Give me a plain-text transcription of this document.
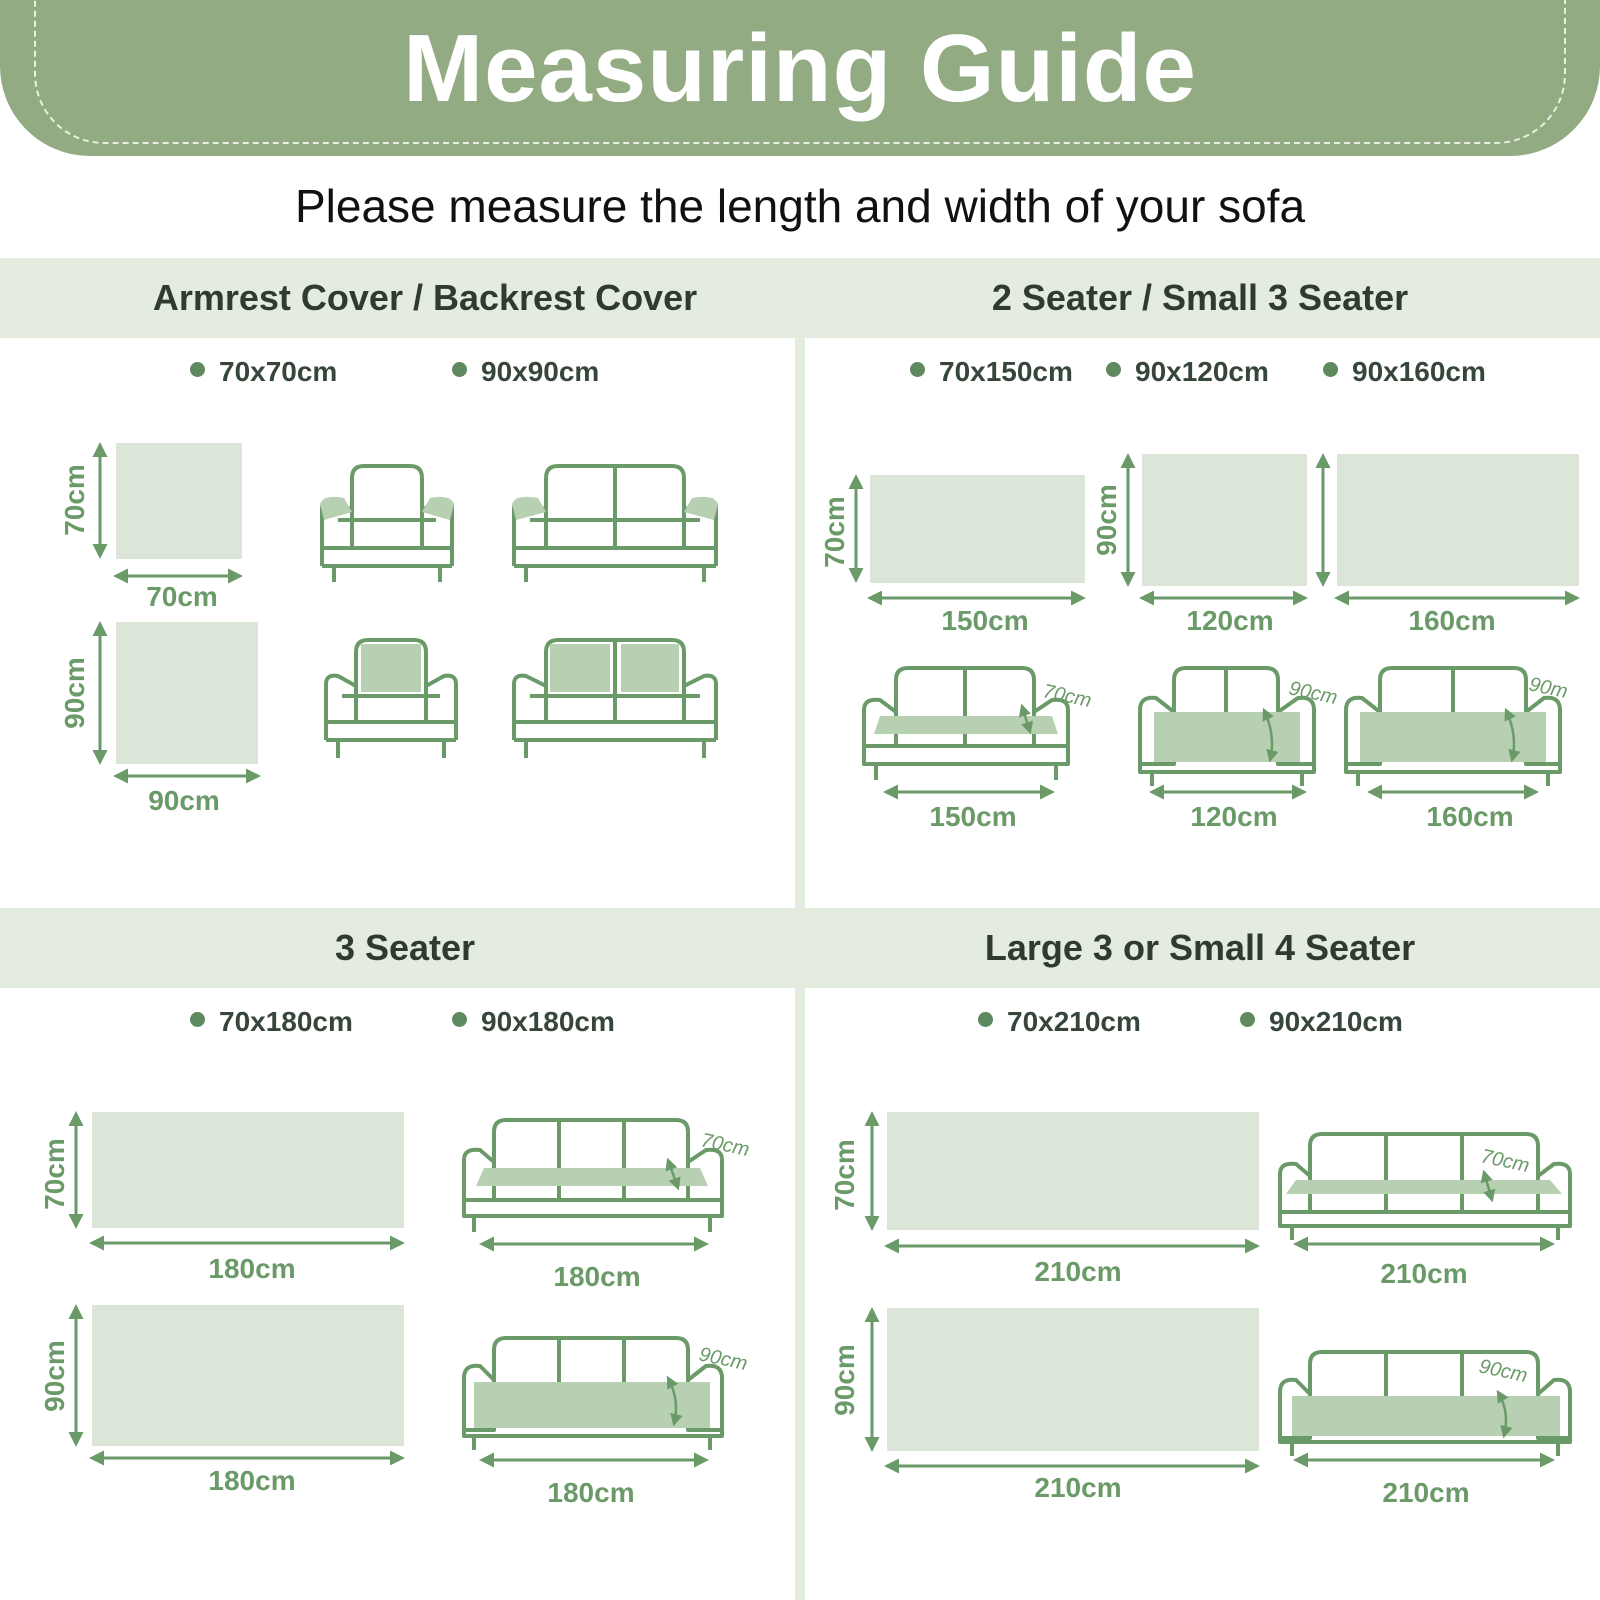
Measuring Guide
Please measure the length and width of your sofa
Armrest Cover / Backrest Cover	2 Seater / Small 3 Seater
3 Seater	Large 3 or Small 4 Seater
70x70cm	90x90cm	70x150cm	90x120cm	90x160cm
70x180cm	90x180cm	70x210cm	90x210cm
70cm
70cm
90cm
90cm
70cm
150cm
90cm
120cm	160cm
70cm
150cm
90cm
120cm
90m
160cm
70cm
180cm
90cm
180cm
70cm
180cm
90cm
180cm
70cm
210cm
90cm
210cm
70cm
210cm
90cm
210cm
